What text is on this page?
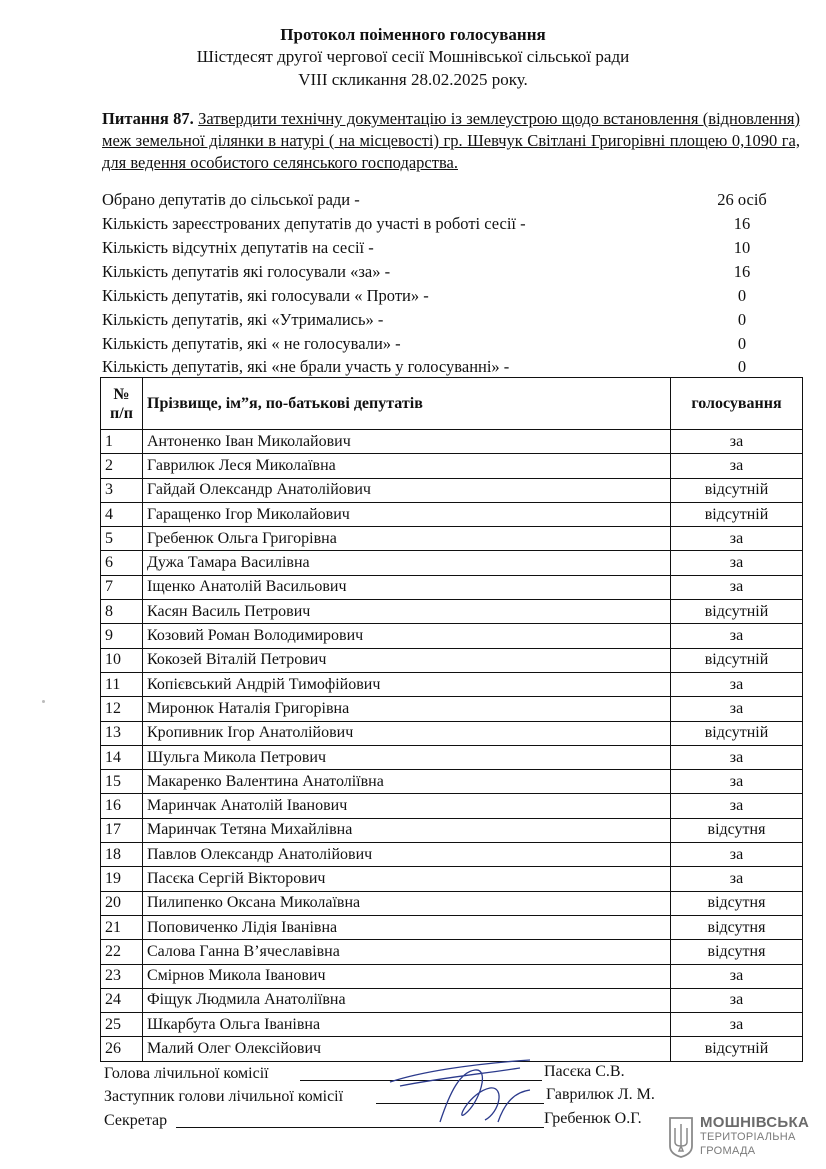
Протокол поіменного голосування
Шістдесят другої чергової сесії Мошнівської сільської ради
VIII скликання 28.02.2025 року.
Питання 87. Затвердити технічну документацію із землеустрою щодо встановлення (відновлення) меж земельної ділянки в натурі ( на місцевості) гр. Шевчук Світлані Григорівні площею 0,1090 га, для ведення особистого селянського господарства.
Обрано депутатів до сільської ради -	26 осіб
Кількість зареєстрованих депутатів до участі в роботі сесії -	16
Кількість відсутніх депутатів на сесії -	10
Кількість депутатів які голосували «за» -	16
Кількість депутатів, які голосували « Проти» -	0
Кількість депутатів, які «Утримались» -	0
Кількість депутатів, які « не голосували» -	0
Кількість депутатів, які «не брали участь у голосуванні» -	0
№ п/п	Прізвище, ім”я, по-батькові депутатів	голосування
1	Антоненко Іван Миколайович	за
2	Гаврилюк Леся Миколаївна	за
3	Гайдай Олександр Анатолійович	відсутній
4	Гаращенко Ігор Миколайович	відсутній
5	Гребенюк Ольга Григорівна	за
6	Дужа Тамара Василівна	за
7	Іщенко Анатолій Васильович	за
8	Касян Василь Петрович	відсутній
9	Козовий Роман Володимирович	за
10	Кокозей Віталій Петрович	відсутній
11	Копієвський Андрій Тимофійович	за
12	Миронюк Наталія Григорівна	за
13	Кропивник Ігор Анатолійович	відсутній
14	Шульга Микола Петрович	за
15	Макаренко Валентина Анатоліївна	за
16	Маринчак Анатолій Іванович	за
17	Маринчак Тетяна Михайлівна	відсутня
18	Павлов Олександр Анатолійович	за
19	Пасєка Сергій Вікторович	за
20	Пилипенко Оксана Миколаївна	відсутня
21	Поповиченко Лідія Іванівна	відсутня
22	Салова Ганна В’ячеславівна	відсутня
23	Смірнов Микола Іванович	за
24	Фіщук Людмила Анатоліївна	за
25	Шкарбута Ольга Іванівна	за
26	Малий Олег Олексійович	відсутній
Голова лічильної комісії	Пасєка С.В.
Заступник голови лічильної комісії	Гаврилюк Л. М.
Секретар	Гребенюк О.Г.	МОШНІВСЬКА
ТЕРИТОРІАЛЬНА
ГРОМАДА
